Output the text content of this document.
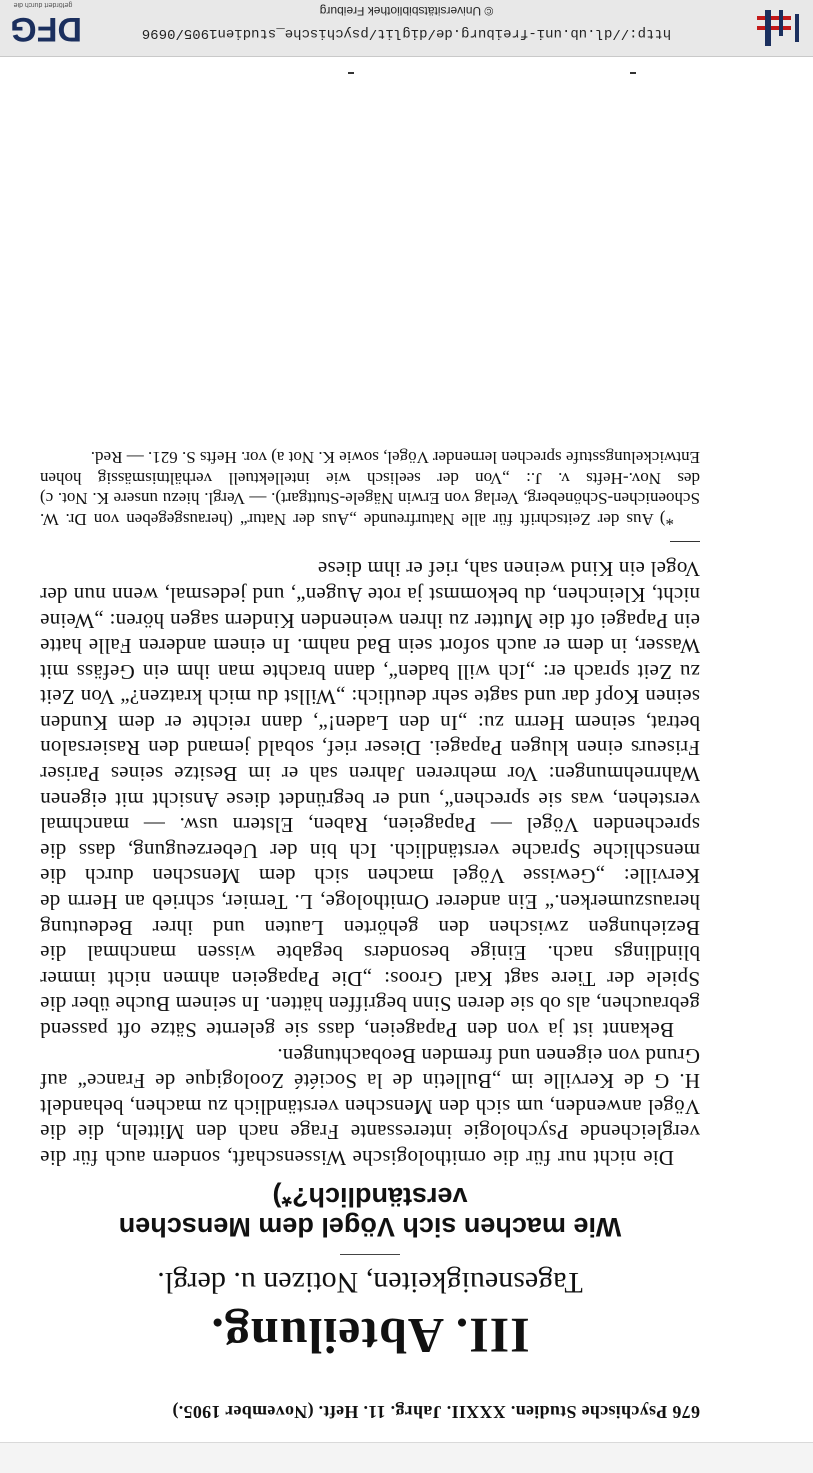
DFG
gefördert durch die	© Universitätsbibliothek Freiburg
http://dl.ub.uni-freiburg.de/diglit/psychische_studien1905/0696
676 Psychische Studien. XXXII. Jahrg. 11. Heft. (November 1905.)
III. Abteilung.
Tagesneuigkeiten, Notizen u. dergl.
Wie machen sich Vögel dem Menschen verständlich?*)

Die nicht nur für die ornithologische Wissenschaft, sondern auch für die vergleichende Psychologie interessante Frage nach den Mitteln, die die Vögel anwenden, um sich den Menschen verständlich zu machen, behandelt H. G de Kerville im „Bulletin de la Société Zoologique de France“ auf Grund von eigenen und fremden Beobachtungen.

Bekannt ist ja von den Papageien, dass sie gelernte Sätze oft passend gebrauchen, als ob sie deren Sinn begriffen hätten. In seinem Buche über die Spiele der Tiere sagt Karl Groos: „Die Papageien ahmen nicht immer blindlings nach. Einige besonders begabte wissen manchmal die Beziehungen zwischen den gehörten Lauten und ihrer Bedeutung herauszumerken.“ Ein anderer Ornithologe, L. Ternier, schrieb an Herrn de Kerville: „Gewisse Vögel machen sich dem Menschen durch die menschliche Sprache verständlich. Ich bin der Ueberzeugung, dass die sprechenden Vögel — Papageien, Raben, Elstern usw. — manchmal verstehen, was sie sprechen“, und er begründet diese Ansicht mit eigenen Wahrnehmungen: Vor mehreren Jahren sah er im Besitze seines Pariser Friseurs einen klugen Papagei. Dieser rief, sobald jemand den Rasiersalon betrat, seinem Herrn zu: „In den Laden!“, dann reichte er dem Kunden seinen Kopf dar und sagte sehr deutlich: „Willst du mich kratzen?“ Von Zeit zu Zeit sprach er: „Ich will baden“, dann brachte man ihm ein Gefäss mit Wasser, in dem er auch sofort sein Bad nahm. In einem anderen Falle hatte ein Papagei oft die Mutter zu ihren weinenden Kindern sagen hören: „Weine nicht, Kleinchen, du bekommst ja rote Augen“, und jedesmal, wenn nun der Vogel ein Kind weinen sah, rief er ihm diese

*) Aus der Zeitschrift für alle Naturfreunde „Aus der Natur“ (herausgegeben von Dr. W. Schoenichen-Schöneberg, Verlag von Erwin Nägele-Stuttgart). — Vergl. hiezu unsere K. Not. c) des Nov.-Hefts v. J.: „Von der seelisch wie intellektuell verhältnismässig hohen Entwickelungsstufe sprechen lernender Vögel, sowie K. Not a) vor. Hefts S. 621. — Red.
